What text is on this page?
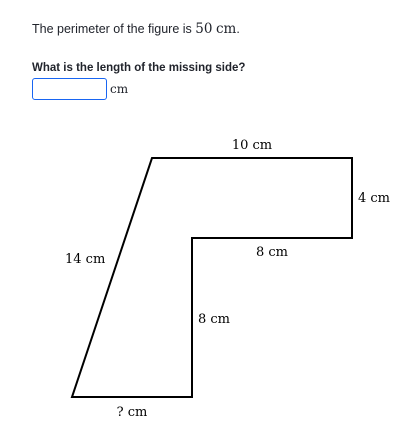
The perimeter of the figure is 50 cm.
What is the length of the missing side?
cm
10 cm
4 cm
8 cm
8 cm
14 cm
? cm
